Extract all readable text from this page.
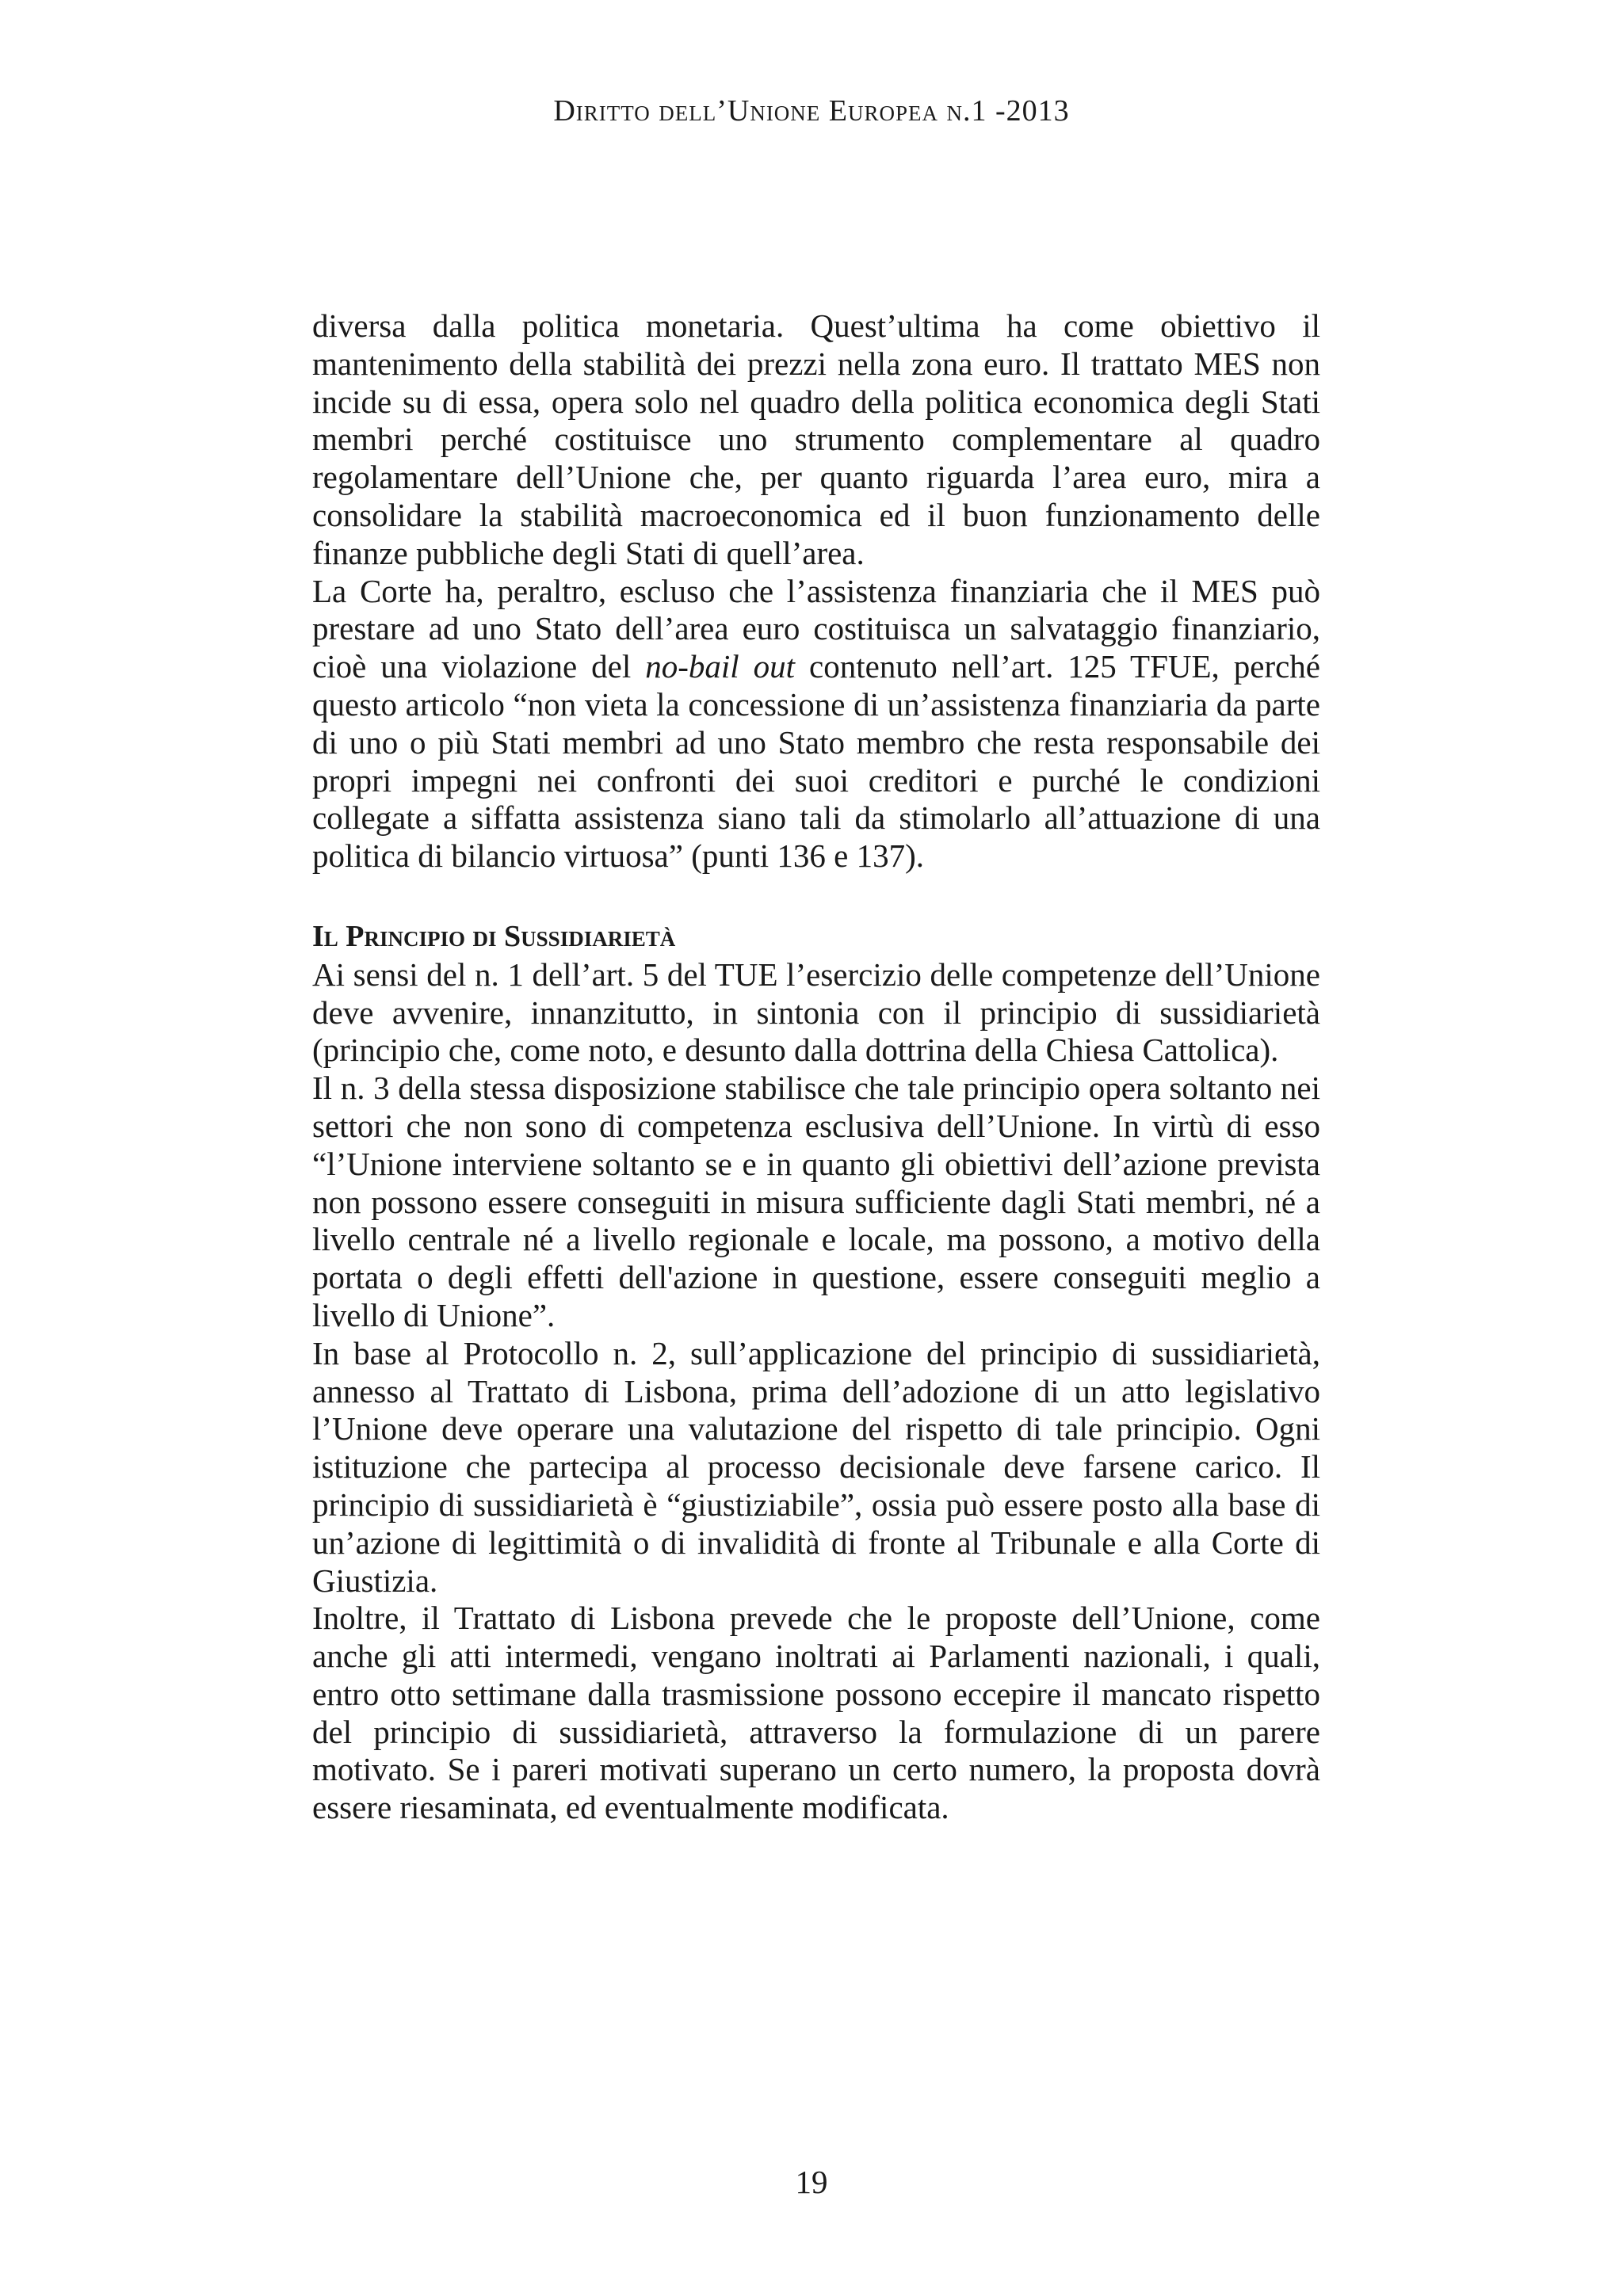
Diritto dell’Unione Europea n.1 -2013

diversa dalla politica monetaria. Quest’ultima ha come obiettivo il mantenimento della stabilità dei prezzi nella zona euro. Il trattato MES non incide su di essa, opera solo nel quadro della politica economica degli Stati membri perché costituisce uno strumento complementare al quadro regolamentare dell’Unione che, per quanto riguarda l’area euro, mira a consolidare la stabilità macroeconomica ed il buon funzionamento delle finanze pubbliche degli Stati di quell’area.

La Corte ha, peraltro, escluso che l’assistenza finanziaria che il MES può prestare ad uno Stato dell’area euro costituisca un salvataggio finanziario, cioè una violazione del no-bail out contenuto nell’art. 125 TFUE, perché questo articolo “non vieta la concessione di un’assistenza finanziaria da parte di uno o più Stati membri ad uno Stato membro che resta responsabile dei propri impegni nei confronti dei suoi creditori e purché le condizioni collegate a siffatta assistenza siano tali da stimolarlo all’attuazione di una politica di bilancio virtuosa” (punti 136 e 137).

Il Principio di Sussidiarietà

Ai sensi del n. 1 dell’art. 5 del TUE l’esercizio delle competenze dell’Unione deve avvenire, innanzitutto, in sintonia con il principio di sussidiarietà (principio che, come noto, e desunto dalla dottrina della Chiesa Cattolica).

Il n. 3 della stessa disposizione stabilisce che tale principio opera soltanto nei settori che non sono di competenza esclusiva dell’Unione. In virtù di esso “l’Unione interviene soltanto se e in quanto gli obiettivi dell’azione prevista non possono essere conseguiti in misura sufficiente dagli Stati membri, né a livello centrale né a livello regionale e locale, ma possono, a motivo della portata o degli effetti dell'azione in questione, essere conseguiti meglio a livello di Unione”.

In base al Protocollo n. 2, sull’applicazione del principio di sussidiarietà, annesso al Trattato di Lisbona, prima dell’adozione di un atto legislativo l’Unione deve operare una valutazione del rispetto di tale principio. Ogni istituzione che partecipa al processo decisionale deve farsene carico. Il principio di sussidiarietà è “giustiziabile”, ossia può essere posto alla base di un’azione di legittimità o di invalidità di fronte al Tribunale e alla Corte di Giustizia.

Inoltre, il Trattato di Lisbona prevede che le proposte dell’Unione, come anche gli atti intermedi, vengano inoltrati ai Parlamenti nazionali, i quali, entro otto settimane dalla trasmissione possono eccepire il mancato rispetto del principio di sussidiarietà, attraverso la formulazione di un parere motivato. Se i pareri motivati superano un certo numero, la proposta dovrà essere riesaminata, ed eventualmente modificata.

19
